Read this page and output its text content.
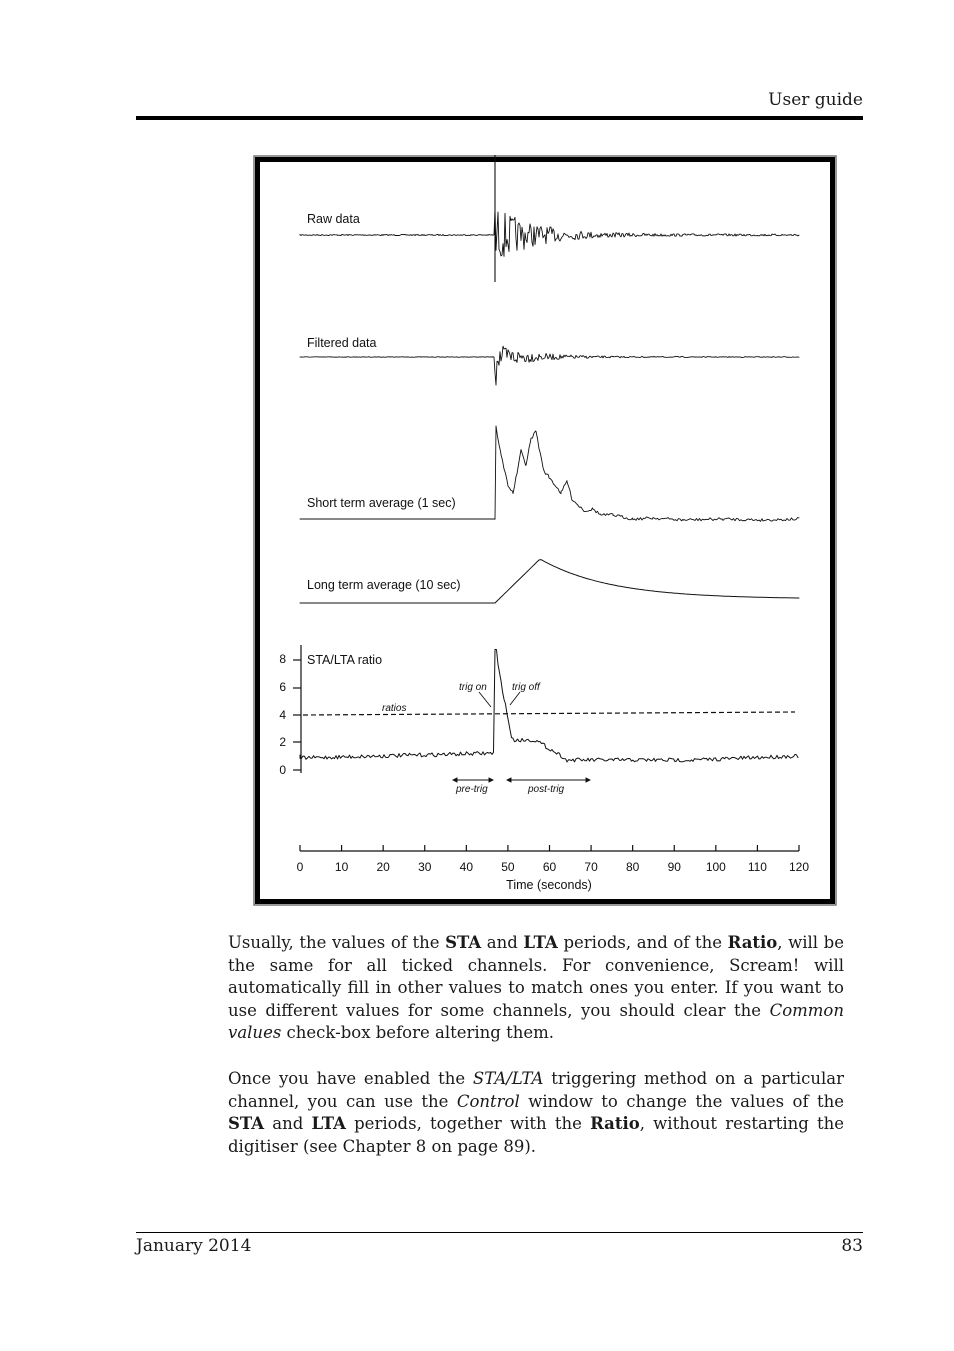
User guide
Raw data
Filtered data
Short term average (1 sec)
Long term average (10 sec)
STA/LTA ratio
trig on	trig off
ratios
pre-trig	post-trig
8
6
4
2
0
Time (seconds)
0	10 20 30 40 50 60 70 80 90 100 110 120
Usually, the values of the STA and LTA periods, and of the Ratio, will be the same for all ticked channels. For convenience, Scream! will automatically fill in other values to match ones you enter. If you want to use different values for some channels, you should clear the Common values check-box before altering them.
Once you have enabled the STA/LTA triggering method on a particular channel, you can use the Control window to change the values of the STA and LTA periods, together with the Ratio, without restarting the digitiser (see Chapter 8 on page 89).
January 2014	83
